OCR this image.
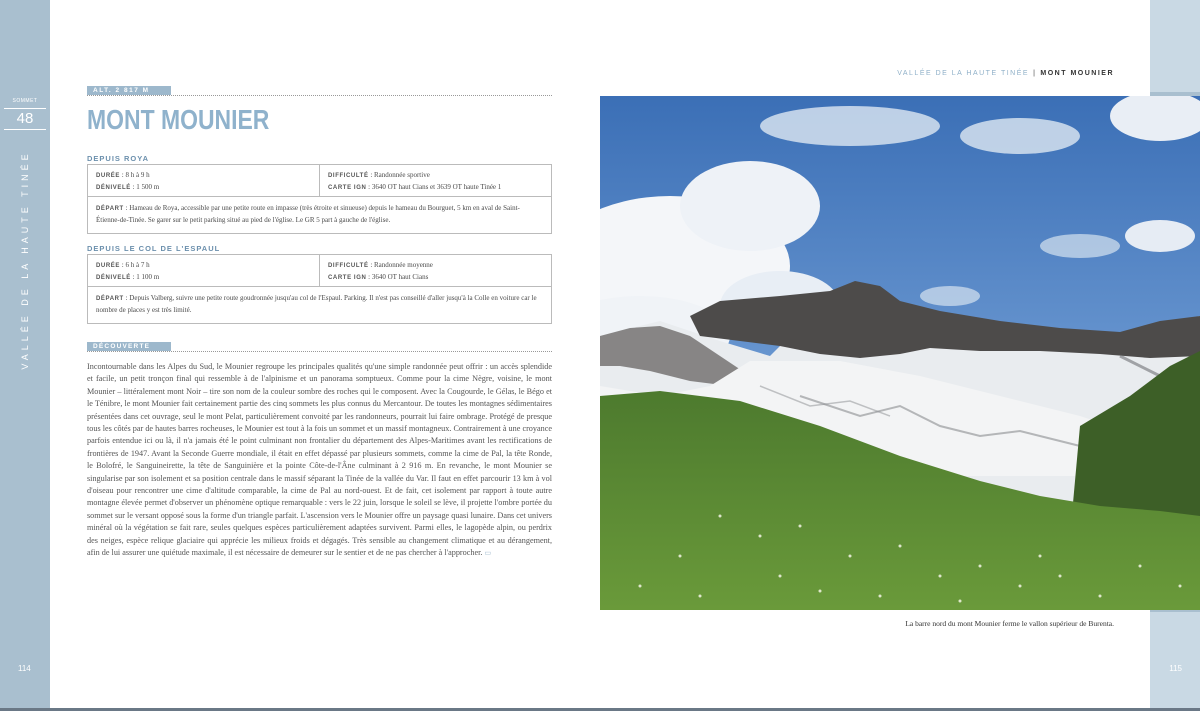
SOMMET
48
VALLÉE DE LA HAUTE TINÉE
114	115
VALLÉE DE LA HAUTE TINÉE | MONT MOUNIER
ALT. 2 817 M
MONT MOUNIER
DEPUIS ROYA
DURÉE : 8 h à 9 h
DÉNIVELÉ : 1 500 m
DIFFICULTÉ : Randonnée sportive
CARTE IGN : 3640 OT haut Cians et 3639 OT haute Tinée 1
DÉPART : Hameau de Roya, accessible par une petite route en impasse (très étroite et sinueuse) depuis le hameau du Bourguet, 5 km en aval de Saint-Étienne-de-Tinée. Se garer sur le petit parking situé au pied de l'église. Le GR 5 part à gauche de l'église.
DEPUIS LE COL DE L'ESPAUL
DURÉE : 6 h à 7 h
DÉNIVELÉ : 1 100 m
DIFFICULTÉ : Randonnée moyenne
CARTE IGN : 3640 OT haut Cians
DÉPART : Depuis Valberg, suivre une petite route goudronnée jusqu'au col de l'Espaul. Parking. Il n'est pas conseillé d'aller jusqu'à la Colle en voiture car le nombre de places y est très limité.
DÉCOUVERTE
Incontournable dans les Alpes du Sud, le Mounier regroupe les principales qualités qu'une simple randonnée peut offrir : un accès splendide et facile, un petit tronçon final qui ressemble à de l'alpinisme et un panorama somptueux. Comme pour la cime Nègre, voisine, le mont Mounier – littéralement mont Noir – tire son nom de la couleur sombre des roches qui le composent. Avec la Cougourde, le Gélas, le Bégo et le Ténibre, le mont Mounier fait certainement partie des cinq sommets les plus connus du Mercantour. De toutes les montagnes sédimentaires présentées dans cet ouvrage, seul le mont Pelat, particulièrement convoité par les randonneurs, pourrait lui faire ombrage. Protégé de presque tous les côtés par de hautes barres rocheuses, le Mounier est tout à la fois un sommet et un massif montagneux. Contrairement à une croyance parfois entendue ici ou là, il n'a jamais été le point culminant non frontalier du département des Alpes-Maritimes avant les rectifications de frontières de 1947. Avant la Seconde Guerre mondiale, il était en effet dépassé par plusieurs sommets, comme la cime de Pal, la tête Ronde, le Bolofré, le Sanguineirette, la tête de Sanguinière et la pointe Côte-de-l'Âne culminant à 2 916 m. En revanche, le mont Mounier se singularise par son isolement et sa position centrale dans le massif séparant la Tinée de la vallée du Var. Il faut en effet parcourir 13 km à vol d'oiseau pour rencontrer une cime d'altitude comparable, la cime de Pal au nord-ouest. Et de fait, cet isolement par rapport à toute autre montagne élevée permet d'observer un phénomène optique remarquable : vers le 22 juin, lorsque le soleil se lève, il projette l'ombre portée du sommet sur le versant opposé sous la forme d'un triangle parfait. L'ascension vers le Mounier offre un paysage quasi lunaire. Dans cet univers minéral où la végétation se fait rare, seules quelques espèces particulièrement adaptées survivent. Parmi elles, le lagopède alpin, ou perdrix des neiges, espèce relique glaciaire qui apprécie les milieux froids et dégagés. Très sensible au changement climatique et au dérangement, afin de lui assurer une quiétude maximale, il est nécessaire de demeurer sur le sentier et de ne pas chercher à l'approcher. ▭
La barre nord du mont Mounier ferme le vallon supérieur de Burenta.
